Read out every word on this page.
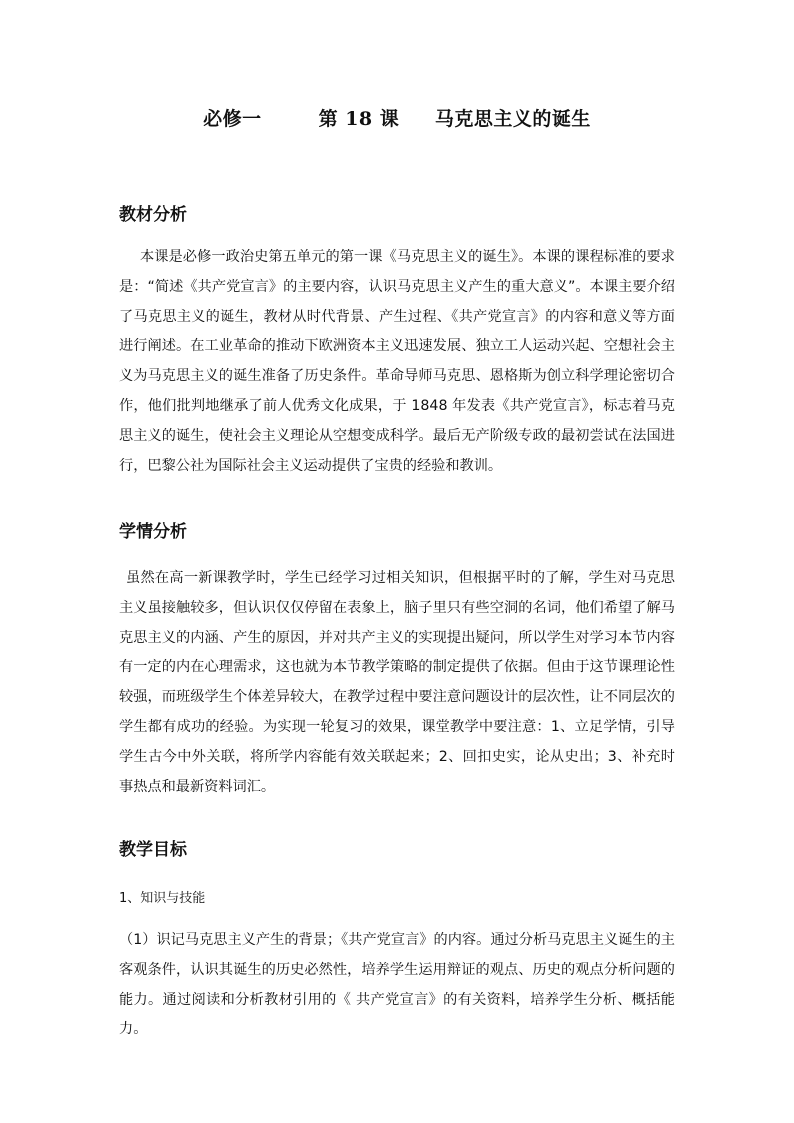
必修一        第 18 课     马克思主义的诞生
教材分析
本课是必修一政治史第五单元的第一课《马克思主义的诞生》。本课的课程标准的要求是：“简述《共产党宣言》的主要内容，认识马克思主义产生的重大意义”。本课主要介绍了马克思主义的诞生，教材从时代背景、产生过程、《共产党宣言》的内容和意义等方面进行阐述。在工业革命的推动下欧洲资本主义迅速发展、独立工人运动兴起、空想社会主义为马克思主义的诞生准备了历史条件。革命导师马克思、恩格斯为创立科学理论密切合作，他们批判地继承了前人优秀文化成果，于 1848 年发表《共产党宣言》，标志着马克思主义的诞生，使社会主义理论从空想变成科学。最后无产阶级专政的最初尝试在法国进行，巴黎公社为国际社会主义运动提供了宝贵的经验和教训。
学情分析
虽然在高一新课教学时，学生已经学习过相关知识，但根据平时的了解，学生对马克思主义虽接触较多，但认识仅仅停留在表象上，脑子里只有些空洞的名词，他们希望了解马克思主义的内涵、产生的原因，并对共产主义的实现提出疑问，所以学生对学习本节内容有一定的内在心理需求，这也就为本节教学策略的制定提供了依据。但由于这节课理论性较强，而班级学生个体差异较大，在教学过程中要注意问题设计的层次性，让不同层次的学生都有成功的经验。为实现一轮复习的效果，课堂教学中要注意：1、立足学情，引导学生古今中外关联，将所学内容能有效关联起来；2、回扣史实，论从史出；3、补充时事热点和最新资料词汇。
教学目标
1、知识与技能
（1）识记马克思主义产生的背景；《共产党宣言》的内容。通过分析马克思主义诞生的主客观条件，认识其诞生的历史必然性，培养学生运用辩证的观点、历史的观点分析问题的能力。通过阅读和分析教材引用的《 共产党宣言》的有关资料，培养学生分析、概括能力。
